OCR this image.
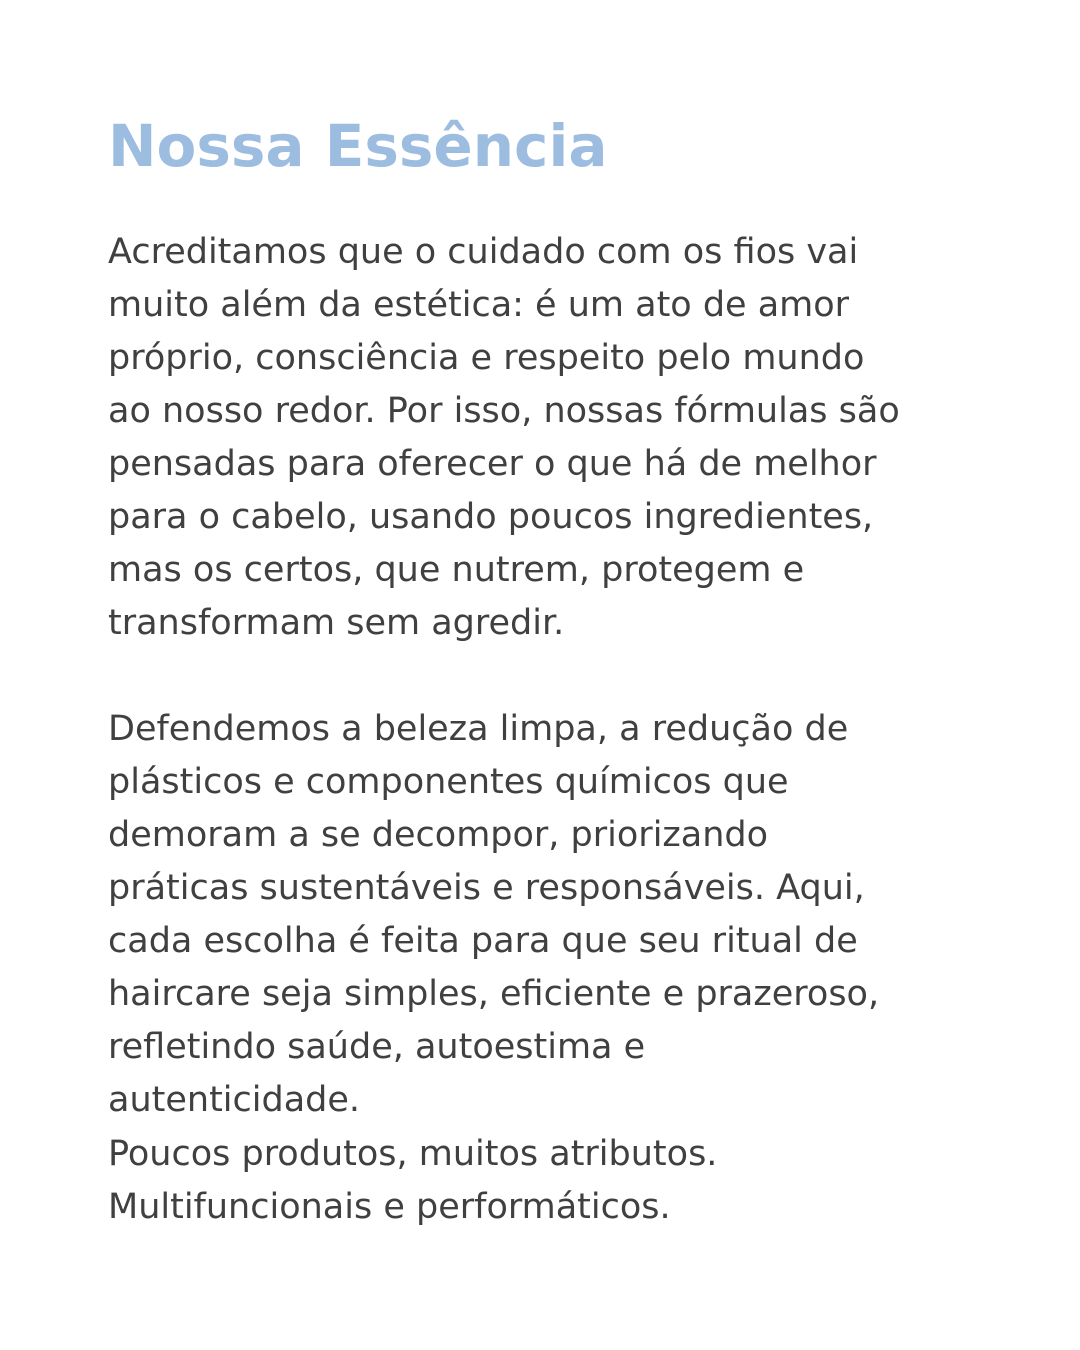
Nossa Essência

Acreditamos que o cuidado com os fios vai
muito além da estética: é um ato de amor
próprio, consciência e respeito pelo mundo
ao nosso redor. Por isso, nossas fórmulas são
pensadas para oferecer o que há de melhor
para o cabelo, usando poucos ingredientes,
mas os certos, que nutrem, protegem e
transformam sem agredir.

Defendemos a beleza limpa, a redução de
plásticos e componentes químicos que
demoram a se decompor, priorizando
práticas sustentáveis e responsáveis. Aqui,
cada escolha é feita para que seu ritual de
haircare seja simples, eficiente e prazeroso,
refletindo saúde, autoestima e
autenticidade.

Poucos produtos, muitos atributos.
Multifuncionais e performáticos.
